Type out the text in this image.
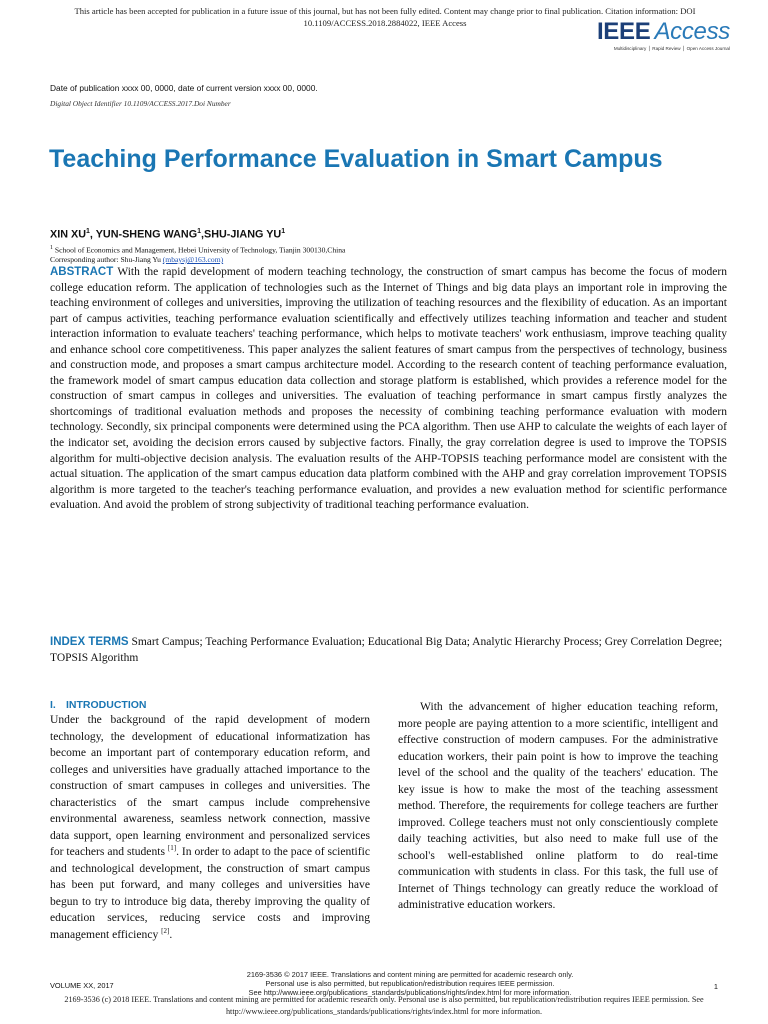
This article has been accepted for publication in a future issue of this journal, but has not been fully edited. Content may change prior to final publication. Citation information: DOI
10.1109/ACCESS.2018.2884022, IEEE Access	IEEE Access
Multidisciplinary ⎪ Rapid Review ⎪ Open Access Journal
Date of publication xxxx 00, 0000, date of current version xxxx 00, 0000.
Digital Object Identifier 10.1109/ACCESS.2017.Doi Number
Teaching Performance Evaluation in Smart Campus
XIN $XU^1$, YUN-SHENG WANG$^1$,SHU-JIANG $YU^1$
$^1$ School of Economics and Management, Hebei University of Technology, Tianjin 300130,China
Corresponding author: Shu-Jiang Yu (mbaysj@163.com)

ABSTRACT With the rapid development of modern teaching technology, the construction of smart campus has become the focus of modern college education reform. The application of technologies such as the Internet of Things and big data plays an important role in improving the teaching environment of colleges and universities, improving the utilization of teaching resources and the flexibility of education. As an important part of campus activities, teaching performance evaluation scientifically and effectively utilizes teaching information and teacher and student interaction information to evaluate teachers' teaching performance, which helps to motivate teachers' work enthusiasm, improve teaching quality and enhance school core competitiveness. This paper analyzes the salient features of smart campus from the perspectives of technology, business and construction mode, and proposes a smart campus architecture model. According to the research content of teaching performance evaluation, the framework model of smart campus education data collection and storage platform is established, which provides a reference model for the construction of smart campus in colleges and universities. The evaluation of teaching performance in smart campus firstly analyzes the shortcomings of traditional evaluation methods and proposes the necessity of combining teaching performance evaluation with modern technology. Secondly, six principal components were determined using the PCA algorithm. Then use AHP to calculate the weights of each layer of the indicator set, avoiding the decision errors caused by subjective factors. Finally, the gray correlation degree is used to improve the TOPSIS algorithm for multi-objective decision analysis. The evaluation results of the AHP-TOPSIS teaching performance model are consistent with the actual situation. The application of the smart campus education data platform combined with the AHP and gray correlation improvement TOPSIS algorithm is more targeted to the teacher's teaching performance evaluation, and provides a new evaluation method for scientific performance evaluation. And avoid the problem of strong subjectivity of traditional teaching performance evaluation.

INDEX TERMS Smart Campus; Teaching Performance Evaluation; Educational Big Data; Analytic Hierarchy Process; Grey Correlation Degree; TOPSIS Algorithm

I. INTRODUCTION

Under the background of the rapid development of modern technology, the development of educational informatization has become an important part of contemporary education reform, and colleges and universities have gradually attached importance to the construction of smart campuses in colleges and universities. The characteristics of the smart campus include comprehensive environmental awareness, seamless network connection, massive data support, open learning environment and personalized services for teachers and students [1]. In order to adapt to the pace of scientific and technological development, the construction of smart campus has been put forward, and many colleges and universities have begun to try to introduce big data, thereby improving the quality of education services, reducing service costs and improving management efficiency [2].

With the advancement of higher education teaching reform, more people are paying attention to a more scientific, intelligent and effective construction of modern campuses. For the administrative education workers, their pain point is how to improve the teaching level of the school and the quality of the teachers' education. The key issue is how to make the most of the teaching assessment method. Therefore, the requirements for college teachers are further improved. College teachers must not only conscientiously complete daily teaching activities, but also need to make full use of the school's well-established online platform to do real-time communication with students in class. For this task, the full use of Internet of Things technology can greatly reduce the workload of administrative education workers.

2169-3536 © 2017 IEEE. Translations and content mining are permitted for academic research only.
Personal use is also permitted, but republication/redistribution requires IEEE permission.
See http://www.ieee.org/publications_standards/publications/rights/index.html for more information.
VOLUME XX, 2017	1
2169-3536 (c) 2018 IEEE. Translations and content mining are permitted for academic research only. Personal use is also permitted, but republication/redistribution requires IEEE permission. See
http://www.ieee.org/publications_standards/publications/rights/index.html for more information.
